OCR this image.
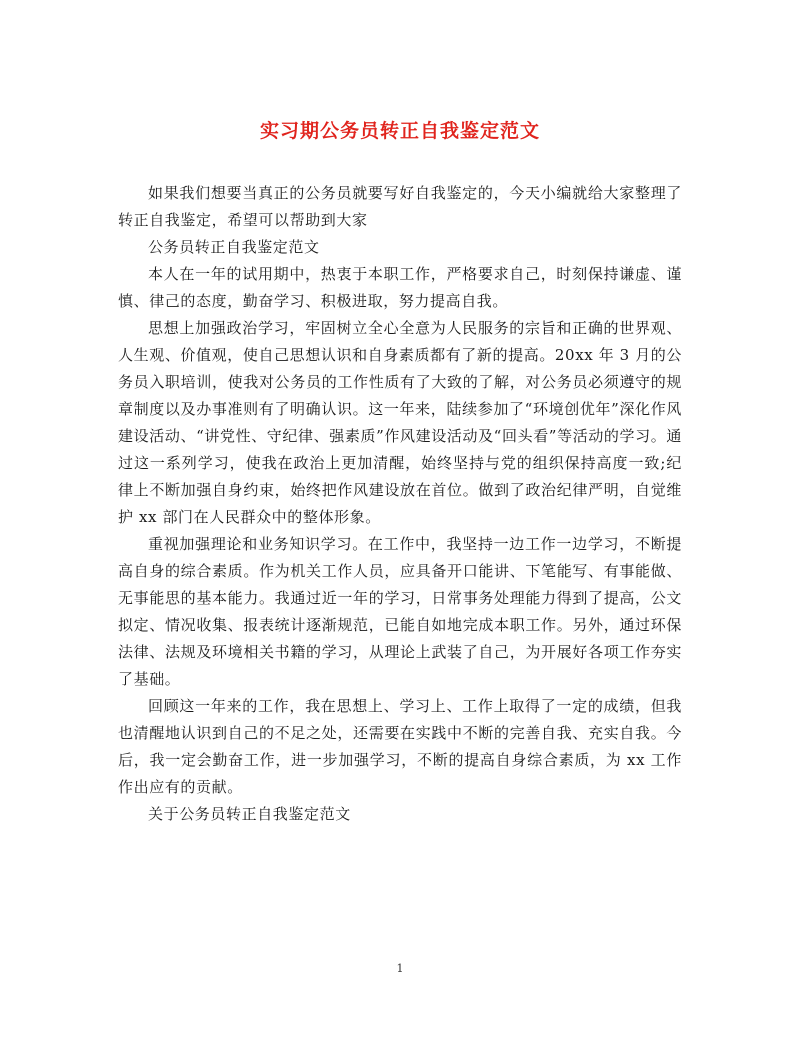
实习期公务员转正自我鉴定范文

如果我们想要当真正的公务员就要写好自我鉴定的，今天小编就给大家整理了转正自我鉴定，希望可以帮助到大家

公务员转正自我鉴定范文

本人在一年的试用期中，热衷于本职工作，严格要求自己，时刻保持谦虚、谨慎、律己的态度，勤奋学习、积极进取，努力提高自我。

思想上加强政治学习，牢固树立全心全意为人民服务的宗旨和正确的世界观、人生观、价值观，使自己思想认识和自身素质都有了新的提高。20xx 年 3 月的公务员入职培训，使我对公务员的工作性质有了大致的了解，对公务员必须遵守的规章制度以及办事准则有了明确认识。这一年来，陆续参加了“环境创优年”深化作风建设活动、“讲党性、守纪律、强素质”作风建设活动及“回头看”等活动的学习。通过这一系列学习，使我在政治上更加清醒，始终坚持与党的组织保持高度一致;纪律上不断加强自身约束，始终把作风建设放在首位。做到了政治纪律严明，自觉维护 xx 部门在人民群众中的整体形象。

重视加强理论和业务知识学习。在工作中，我坚持一边工作一边学习，不断提高自身的综合素质。作为机关工作人员，应具备开口能讲、下笔能写、有事能做、无事能思的基本能力。我通过近一年的学习，日常事务处理能力得到了提高，公文拟定、情况收集、报表统计逐渐规范，已能自如地完成本职工作。另外，通过环保法律、法规及环境相关书籍的学习，从理论上武装了自己，为开展好各项工作夯实了基础。

回顾这一年来的工作，我在思想上、学习上、工作上取得了一定的成绩，但我也清醒地认识到自己的不足之处，还需要在实践中不断的完善自我、充实自我。今后，我一定会勤奋工作，进一步加强学习，不断的提高自身综合素质，为 xx 工作作出应有的贡献。

关于公务员转正自我鉴定范文

1
